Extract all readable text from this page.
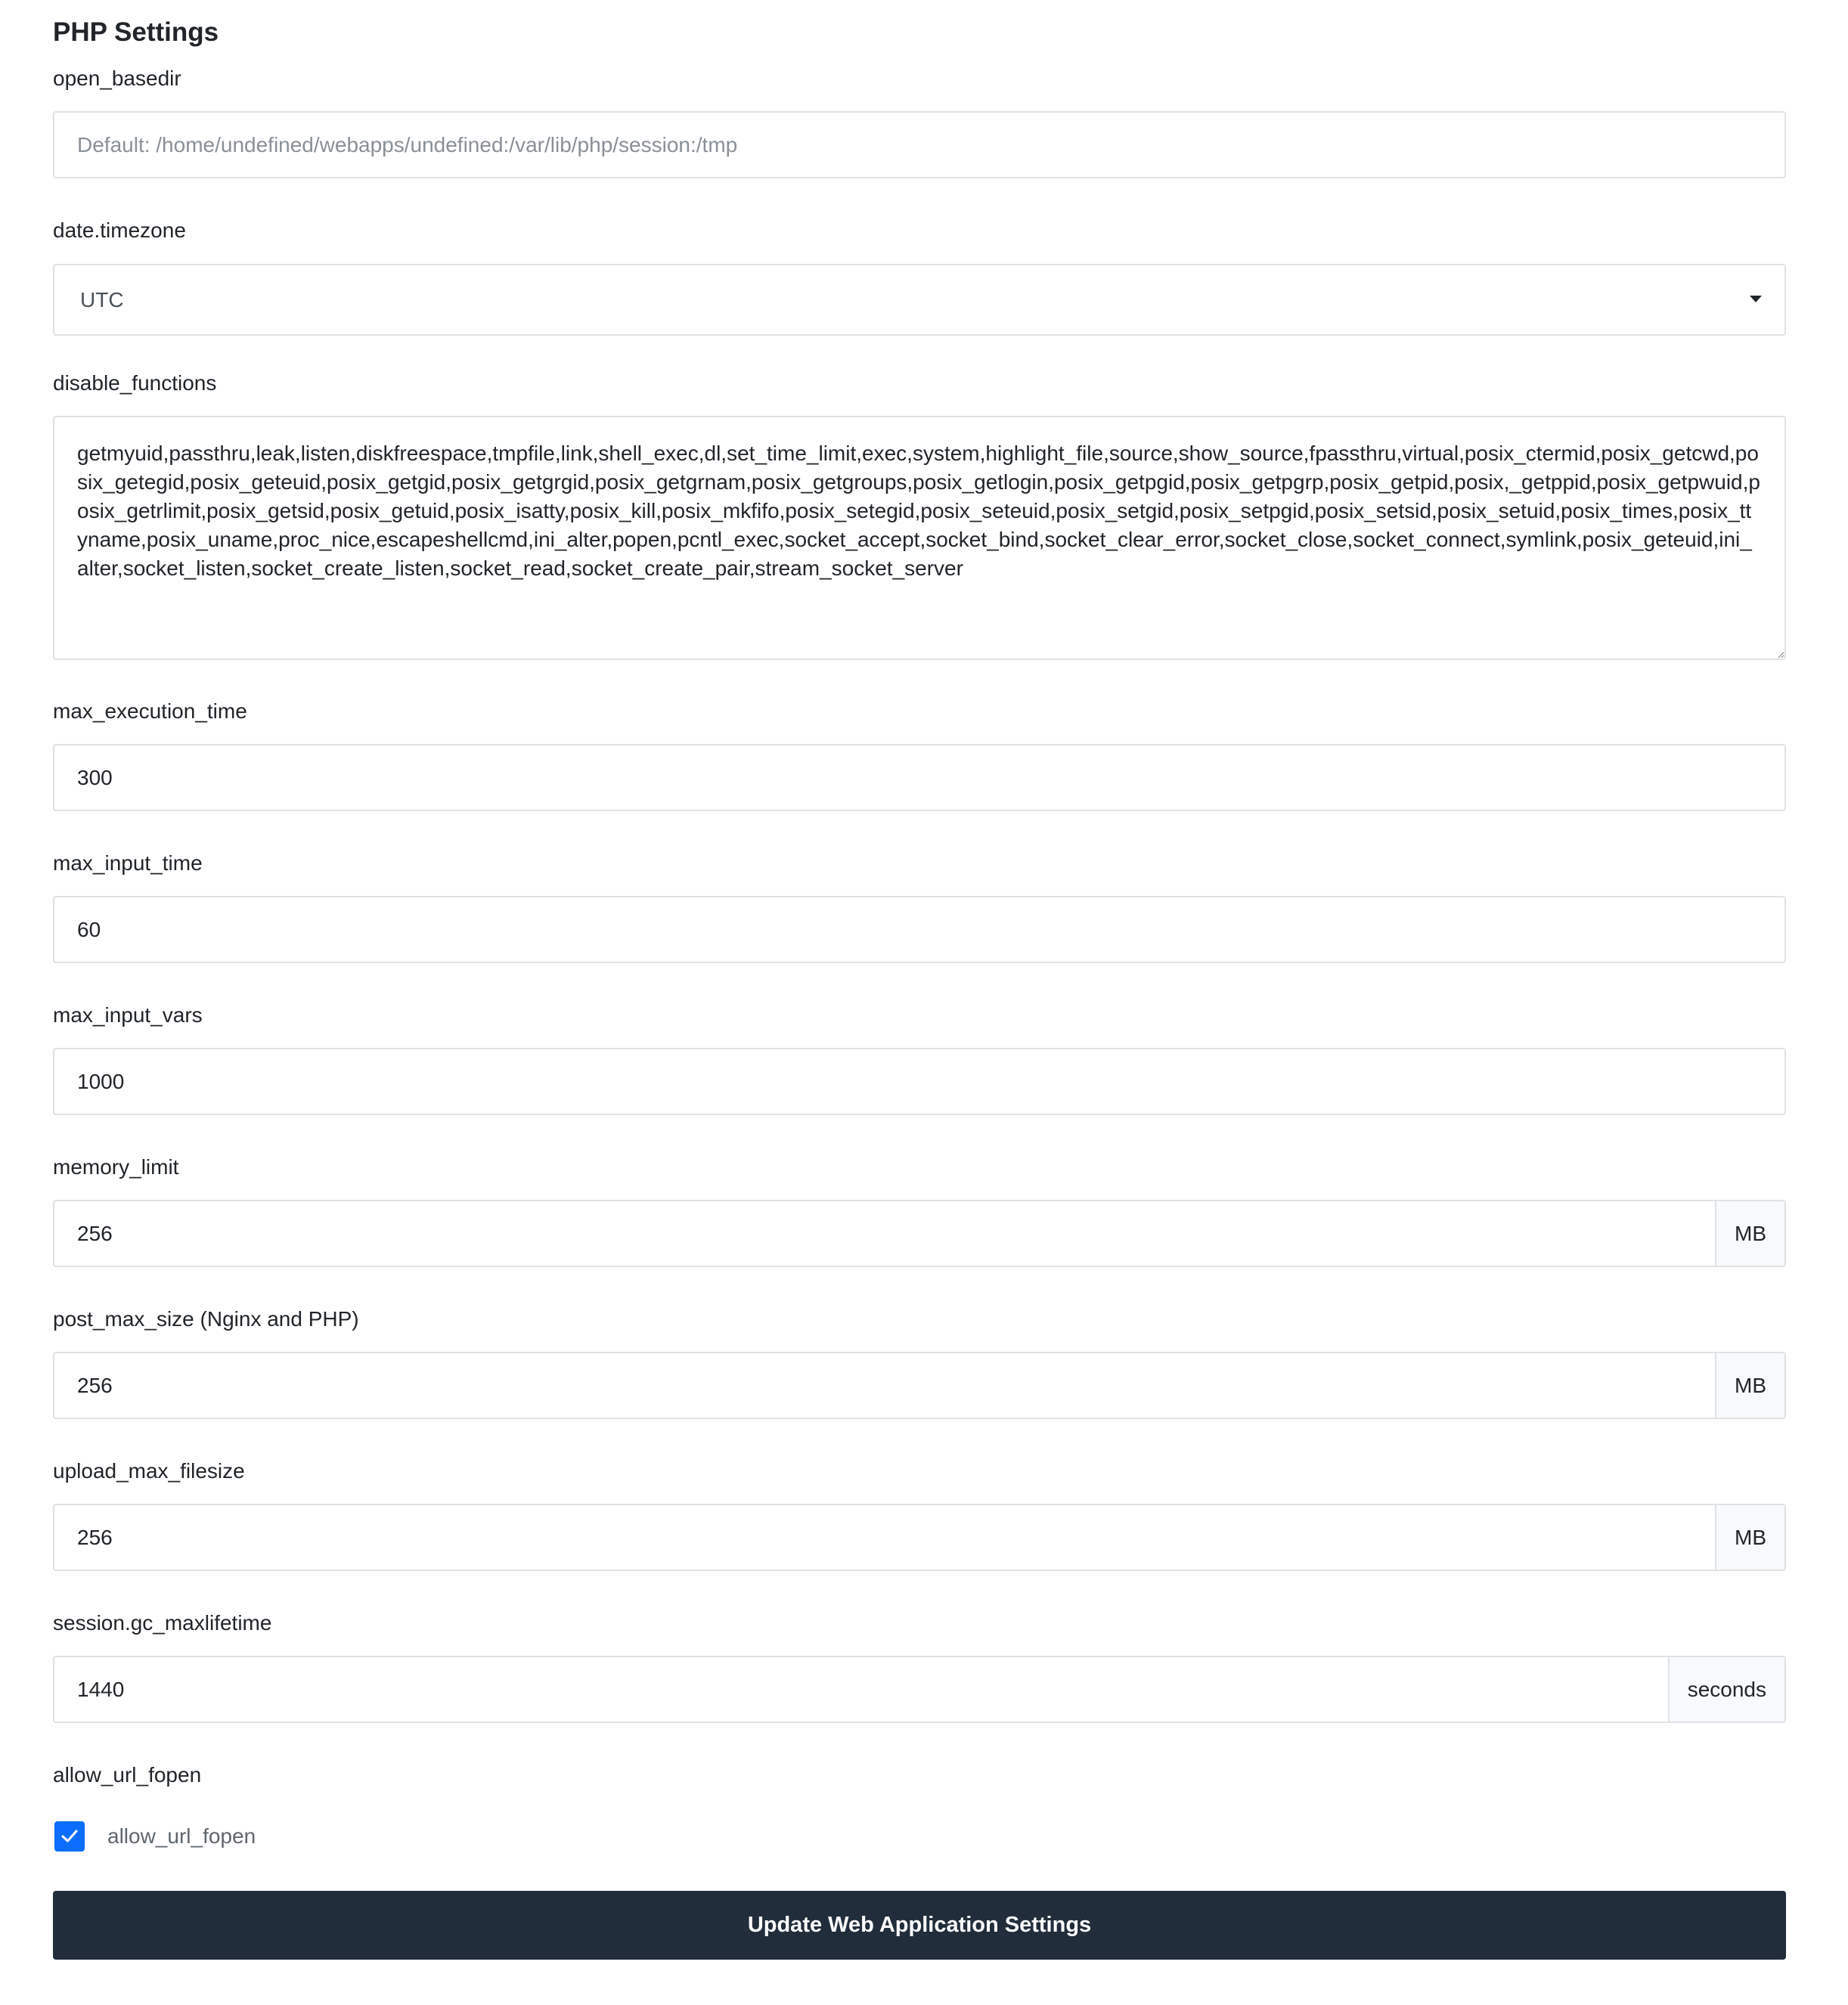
PHP Settings
open_basedir
Default: /home/undefined/webapps/undefined:/var/lib/php/session:/tmp
date.timezone
UTC
disable_functions
getmyuid,passthru,leak,listen,diskfreespace,tmpfile,link,shell_exec,dl,set_time_limit,exec,system,highlight_file,source,show_source,fpassthru,virtual,posix_ctermid,posix_getcwd,posix_getegid,posix_geteuid,posix_getgid,posix_getgrgid,posix_getgrnam,posix_getgroups,posix_getlogin,posix_getpgid,posix_getpgrp,posix_getpid,posix,_getppid,posix_getpwuid,posix_getrlimit,posix_getsid,posix_getuid,posix_isatty,posix_kill,posix_mkfifo,posix_setegid,posix_seteuid,posix_setgid,posix_setpgid,posix_setsid,posix_setuid,posix_times,posix_ttyname,posix_uname,proc_nice,escapeshellcmd,ini_alter,popen,pcntl_exec,socket_accept,socket_bind,socket_clear_error,socket_close,socket_connect,symlink,posix_geteuid,ini_alter,socket_listen,socket_create_listen,socket_read,socket_create_pair,stream_socket_server
max_execution_time
300
max_input_time
60
max_input_vars
1000
memory_limit
256
MB
post_max_size (Nginx and PHP)
256
MB
upload_max_filesize
256
MB
session.gc_maxlifetime
1440
seconds
allow_url_fopen
allow_url_fopen
Update Web Application Settings
